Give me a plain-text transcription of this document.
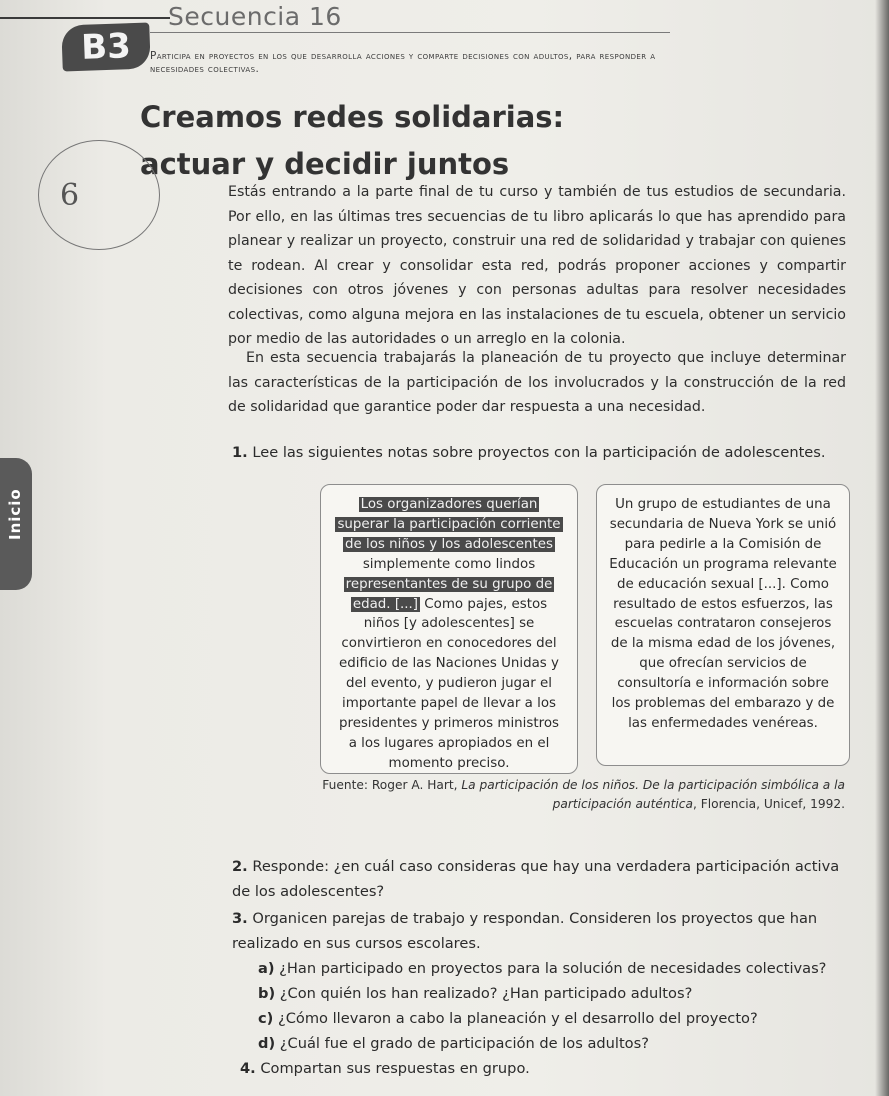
B3
Secuencia 16
Participa en proyectos en los que desarrolla acciones y comparte decisiones con adultos, para responder a necesidades colectivas.
Creamos redes solidarias:
actuar y decidir juntos
6	Estás entrando a la parte final de tu curso y también de tus estudios de secundaria. Por ello, en las últimas tres secuencias de tu libro aplicarás lo que has aprendido para planear y realizar un proyecto, construir una red de solidaridad y trabajar con quienes te rodean. Al crear y consolidar esta red, podrás proponer acciones y compartir decisiones con otros jóvenes y con personas adultas para resolver necesidades colectivas, como alguna mejora en las instalaciones de tu escuela, obtener un servicio por medio de las autoridades o un arreglo en la colonia.
En esta secuencia trabajarás la planeación de tu proyecto que incluye determinar las características de la participación de los involucrados y la construcción de la red de solidaridad que garantice poder dar respuesta a una necesidad.
Inicio
1. Lee las siguientes notas sobre proyectos con la participación de adolescentes.
Los organizadores querían
superar la participación corriente
de los niños y los adolescentes
simplemente como lindos
representantes de su grupo de
edad. [...] Como pajes, estos niños [y adolescentes] se convirtieron en conocedores del edificio de las Naciones Unidas y del evento, y pudieron jugar el importante papel de llevar a los presidentes y primeros ministros a los lugares apropiados en el momento preciso.
Un grupo de estudiantes de una secundaria de Nueva York se unió para pedirle a la Comisión de Educación un programa relevante de educación sexual [...]. Como resultado de estos esfuerzos, las escuelas contrataron consejeros de la misma edad de los jóvenes, que ofrecían servicios de consultoría e información sobre los problemas del embarazo y de las enfermedades venéreas.
Fuente: Roger A. Hart, La participación de los niños. De la participación simbólica a la participación auténtica, Florencia, Unicef, 1992.
2. Responde: ¿en cuál caso consideras que hay una verdadera participación activa de los adolescentes?
3. Organicen parejas de trabajo y respondan. Consideren los proyectos que han realizado en sus cursos escolares.
a) ¿Han participado en proyectos para la solución de necesidades colectivas?
b) ¿Con quién los han realizado? ¿Han participado adultos?
c) ¿Cómo llevaron a cabo la planeación y el desarrollo del proyecto?
d) ¿Cuál fue el grado de participación de los adultos?
4. Compartan sus respuestas en grupo.
